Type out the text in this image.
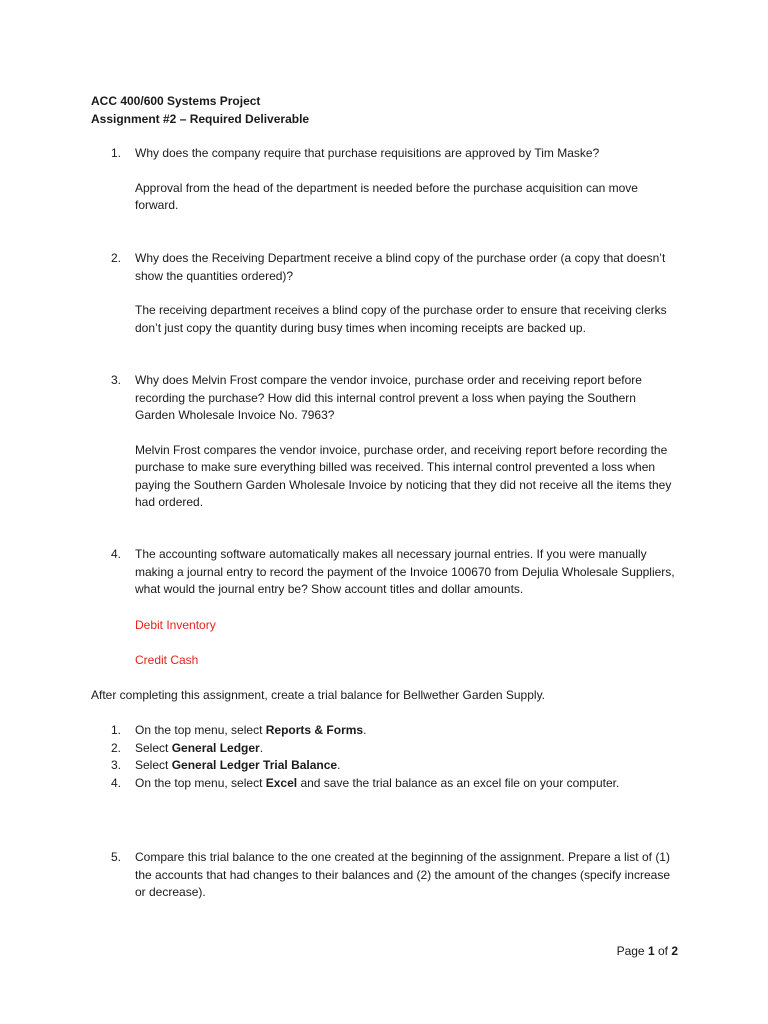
ACC 400/600 Systems Project
Assignment #2 – Required Deliverable
1. Why does the company require that purchase requisitions are approved by Tim Maske?
Approval from the head of the department is needed before the purchase acquisition can move forward.
2. Why does the Receiving Department receive a blind copy of the purchase order (a copy that doesn’t show the quantities ordered)?
The receiving department receives a blind copy of the purchase order to ensure that receiving clerks don’t just copy the quantity during busy times when incoming receipts are backed up.
3. Why does Melvin Frost compare the vendor invoice, purchase order and receiving report before recording the purchase? How did this internal control prevent a loss when paying the Southern Garden Wholesale Invoice No. 7963?
Melvin Frost compares the vendor invoice, purchase order, and receiving report before recording the purchase to make sure everything billed was received. This internal control prevented a loss when paying the Southern Garden Wholesale Invoice by noticing that they did not receive all the items they had ordered.
4. The accounting software automatically makes all necessary journal entries. If you were manually making a journal entry to record the payment of the Invoice 100670 from Dejulia Wholesale Suppliers, what would the journal entry be? Show account titles and dollar amounts.
Debit Inventory
Credit Cash
After completing this assignment, create a trial balance for Bellwether Garden Supply.
1. On the top menu, select Reports & Forms.
2. Select General Ledger.
3. Select General Ledger Trial Balance.
4. On the top menu, select Excel and save the trial balance as an excel file on your computer.
5. Compare this trial balance to the one created at the beginning of the assignment. Prepare a list of (1) the accounts that had changes to their balances and (2) the amount of the changes (specify increase or decrease).
Page 1 of 2
